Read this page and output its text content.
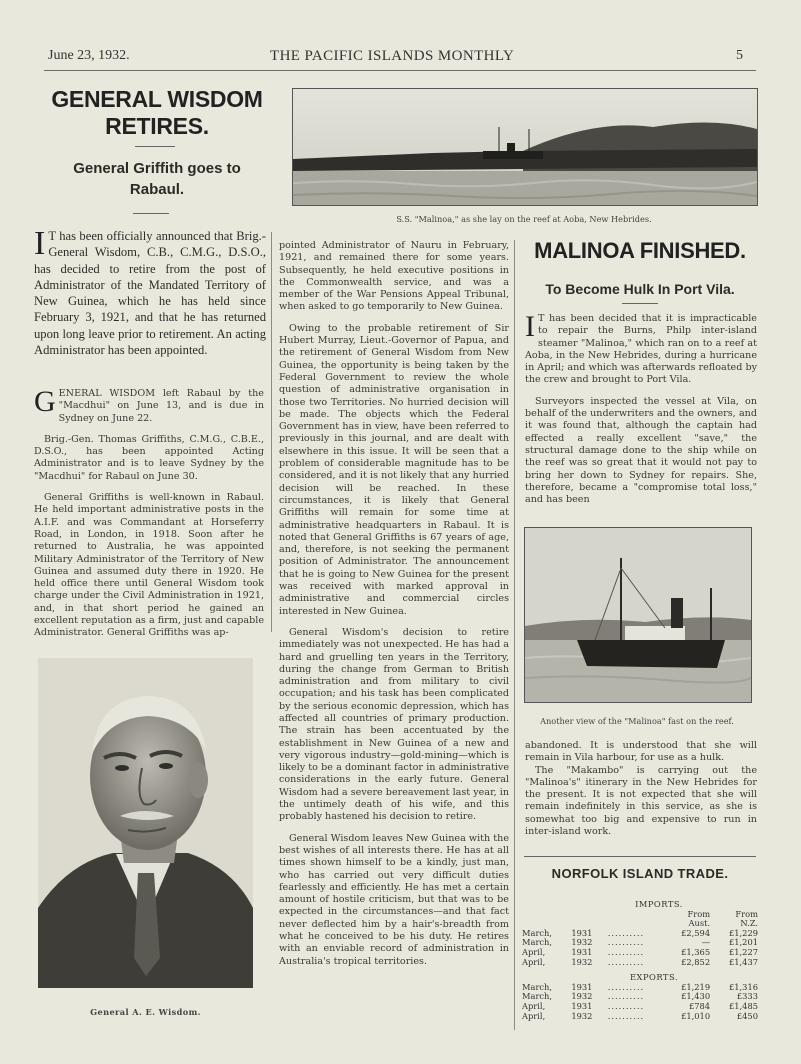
June 23, 1932.	THE PACIFIC ISLANDS MONTHLY	5
GENERAL WISDOM
RETIRES.
General Griffith goes to
Rabaul.
I T has been officially announced that Brig.-General Wisdom, C.B., C.M.G., D.S.O., has decided to retire from the post of Administrator of the Mandated Territory of New Guinea, which he has held since February 3, 1921, and that he has returned upon long leave prior to retirement. An acting Administrator has been appointed.

GENERAL WISDOM left Rabaul by the "Macdhui" on June 13, and is due in Sydney on June 22.

Brig.-Gen. Thomas Griffiths, C.M.G., C.B.E., D.S.O., has been appointed Acting Administrator and is to leave Sydney by the "Macdhui" for Rabaul on June 30.

General Griffiths is well-known in Rabaul. He held important administrative posts in the A.I.F. and was Commandant at Horseferry Road, in London, in 1918. Soon after he returned to Australia, he was appointed Military Administrator of the Territory of New Guinea and assumed duty there in 1920. He held office there until General Wisdom took charge under the Civil Administration in 1921, and, in that short period he gained an excellent reputation as a firm, just and capable Administrator. General Griffiths was ap-

General A. E. Wisdom.

pointed Administrator of Nauru in February, 1921, and remained there for some years. Subsequently, he held executive positions in the Commonwealth service, and was a member of the War Pensions Appeal Tribunal, when asked to go temporarily to New Guinea.

Owing to the probable retirement of Sir Hubert Murray, Lieut.-Governor of Papua, and the retirement of General Wisdom from New Guinea, the opportunity is being taken by the Federal Government to review the whole question of administrative organisation in those two Territories. No hurried decision will be made. The objects which the Federal Government has in view, have been referred to previously in this journal, and are dealt with elsewhere in this issue. It will be seen that a problem of considerable magnitude has to be considered, and it is not likely that any hurried decision will be reached. In these circumstances, it is likely that General Griffiths will remain for some time at administrative headquarters in Rabaul. It is noted that General Griffiths is 67 years of age, and, therefore, is not seeking the permanent position of Administrator. The announcement that he is going to New Guinea for the present was received with marked approval in administrative and commercial circles interested in New Guinea.

General Wisdom's decision to retire immediately was not unexpected. He has had a hard and gruelling ten years in the Territory, during the change from German to British administration and from military to civil occupation; and his task has been complicated by the serious economic depression, which has affected all countries of primary production. The strain has been accentuated by the establishment in New Guinea of a new and very vigorous industry—gold-mining—which is likely to be a dominant factor in administrative considerations in the early future. General Wisdom had a severe bereavement last year, in the untimely death of his wife, and this probably hastened his decision to retire.

General Wisdom leaves New Guinea with the best wishes of all interests there. He has at all times shown himself to be a kindly, just man, who has carried out very difficult duties fearlessly and efficiently. He has met a certain amount of hostile criticism, but that was to be expected in the circumstances—and that fact never deflected him by a hair's-breadth from what he conceived to be his duty. He retires with an enviable record of administration in Australia's tropical territories.

S.S. "Malinoa," as she lay on the reef at Aoba, New Hebrides.
MALINOA FINISHED.
To Become Hulk In Port Vila.

I T has been decided that it is impracticable to repair the Burns, Philp inter-island steamer "Malinoa," which ran on to a reef at Aoba, in the New Hebrides, during a hurricane in April; and which was afterwards refloated by the crew and brought to Port Vila.

Surveyors inspected the vessel at Vila, on behalf of the underwriters and the owners, and it was found that, although the captain had effected a really excellent "save," the structural damage done to the ship while on the reef was so great that it would not pay to bring her down to Sydney for repairs. She, therefore, became a "compromise total loss," and has been

Another view of the "Malinoa" fast on the reef.

abandoned. It is understood that she will remain in Vila harbour, for use as a hulk.

The "Makambo" is carrying out the "Malinoa's" itinerary in the New Hebrides for the present. It is not expected that she will remain indefinitely in this service, as she is somewhat too big and expensive to run in inter-island work.

NORFOLK ISLAND TRADE.
IMPORTS.				
			From	From
			Aust.	N.Z.
March,	1931	..........	£2,594	£1,229
March,	1932	..........	—	£1,201
April,	1931	..........	£1,365	£1,227
April,	1932	..........	£2,852	£1,437
EXPORTS.				
March,	1931	..........	£1,219	£1,316
March,	1932	..........	£1,430	£333
April,	1931	..........	£784	£1,485
April,	1932	..........	£1,010	£450
